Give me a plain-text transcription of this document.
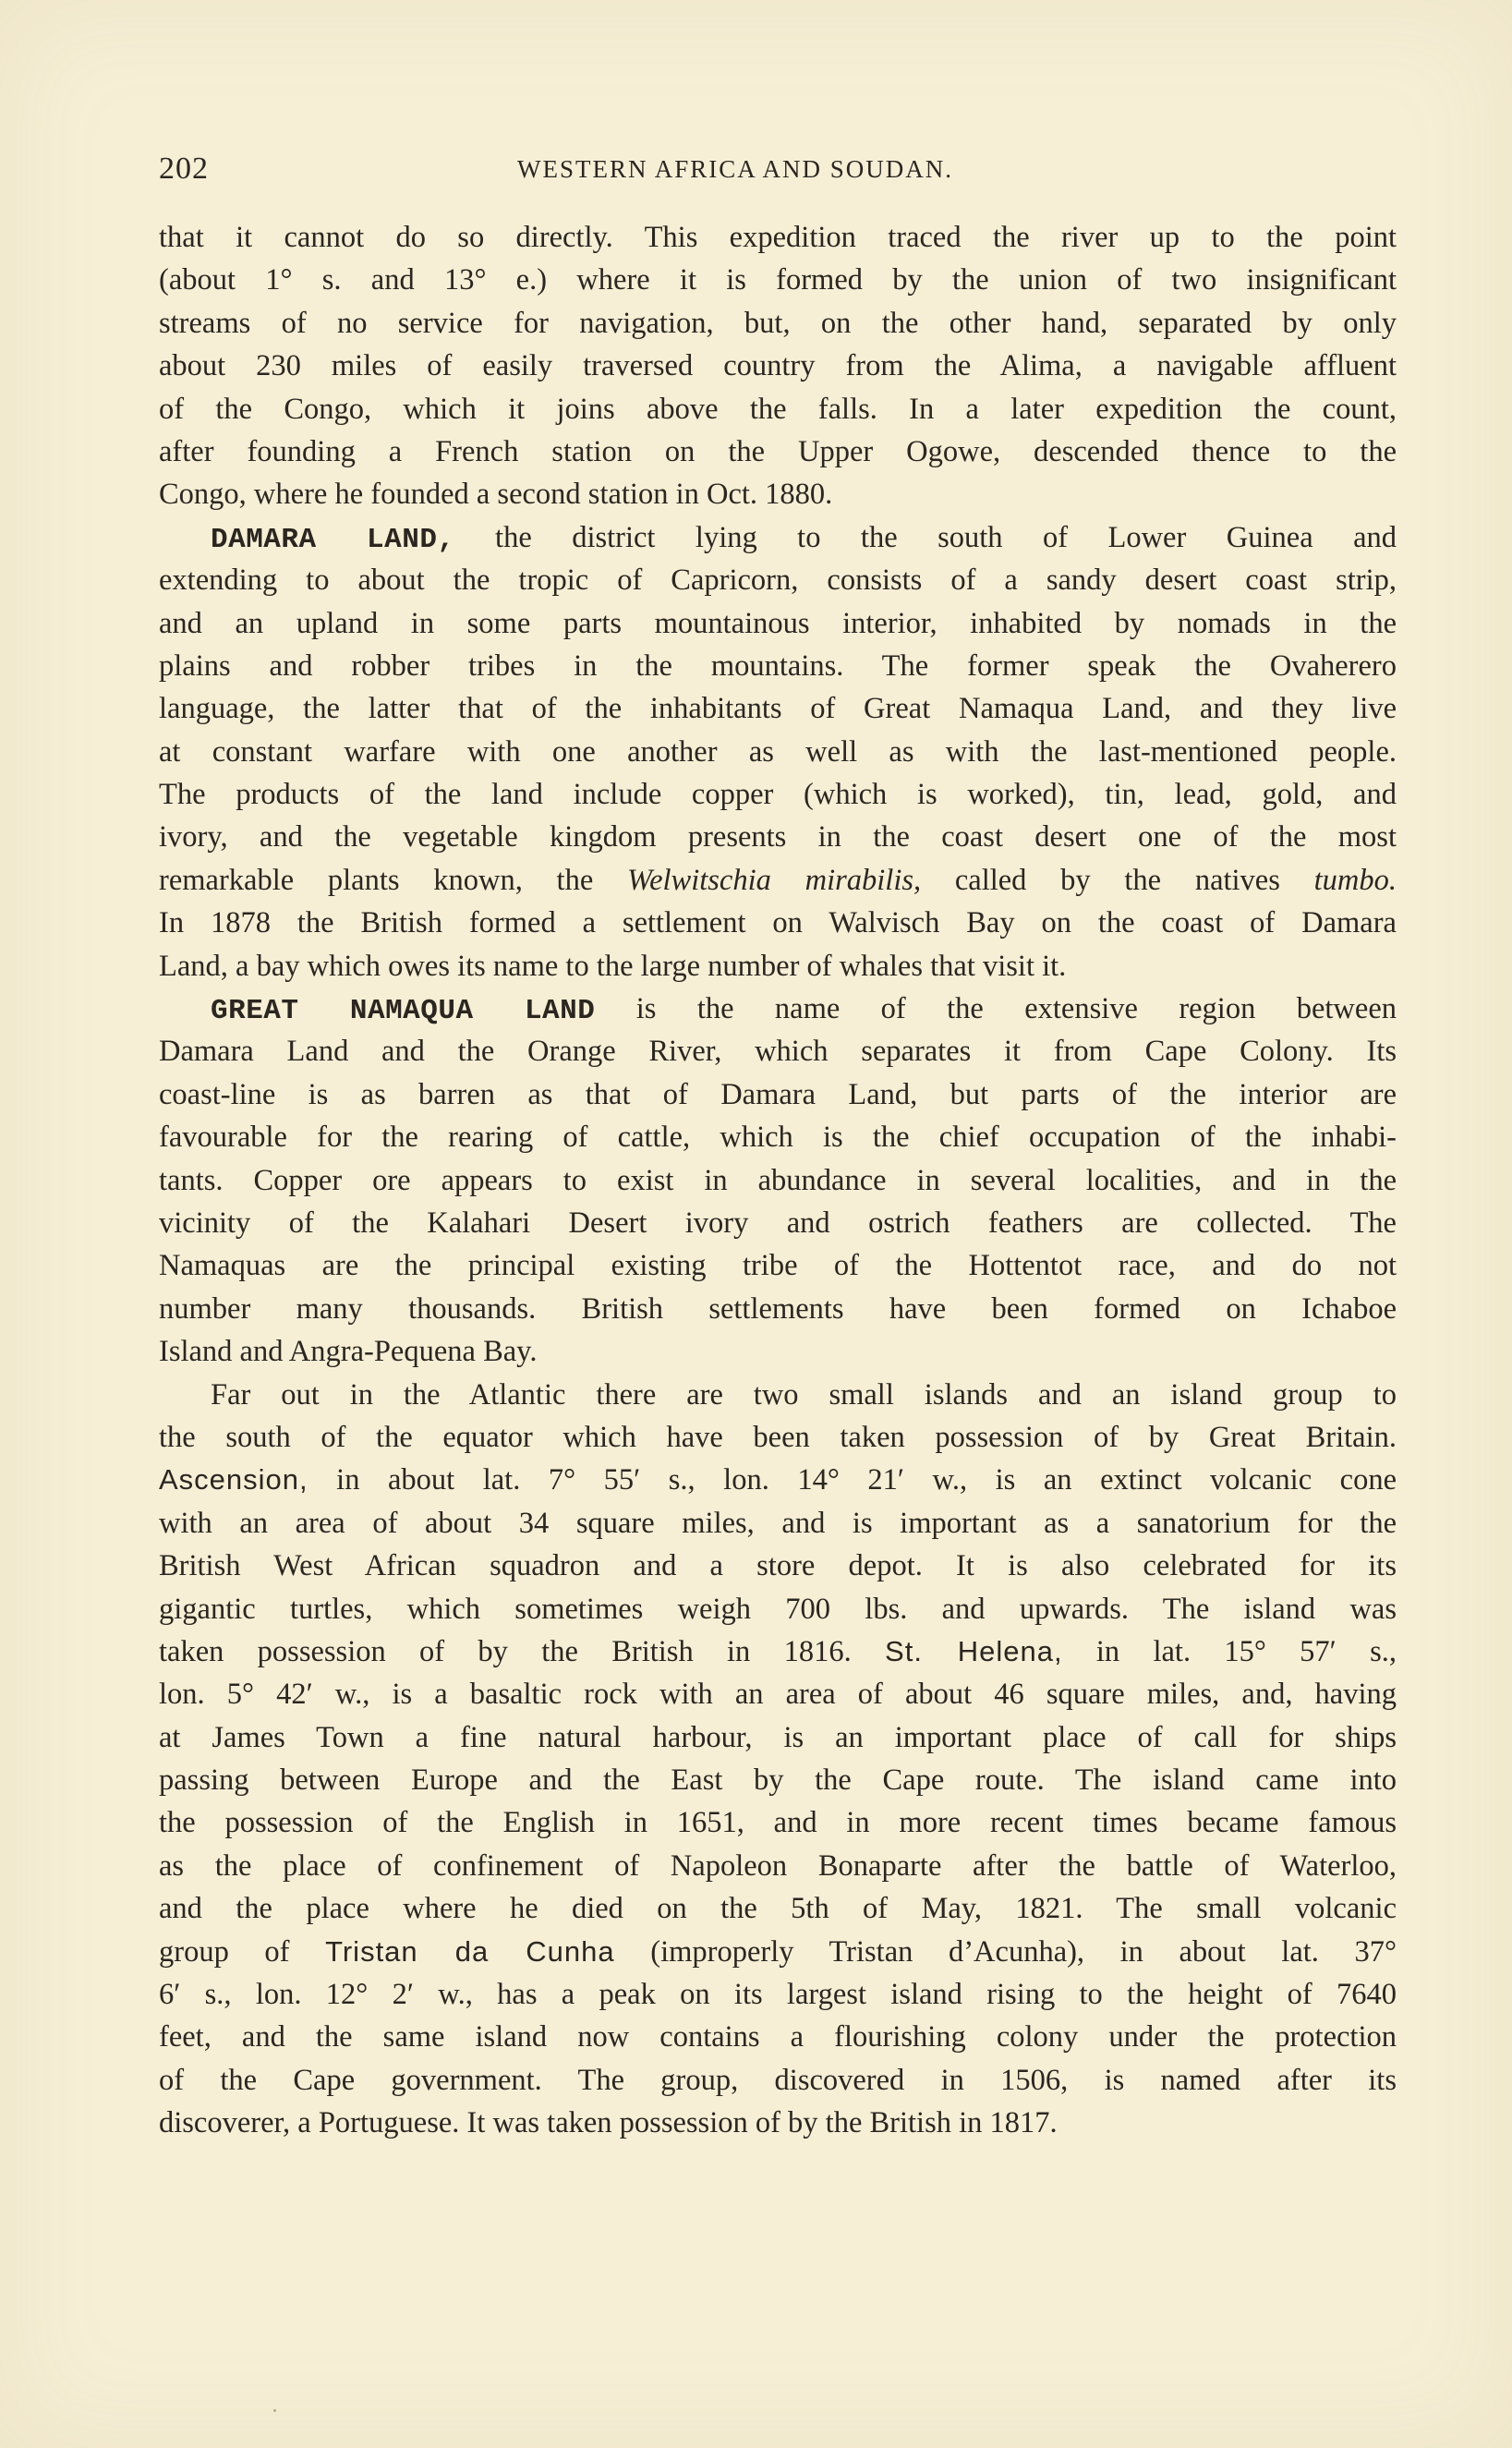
202	WESTERN AFRICA AND SOUDAN.
that it cannot do so directly. This expedition traced the river up to the point
(about 1° s. and 13° e.) where it is formed by the union of two insignificant
streams of no service for navigation, but, on the other hand, separated by only
about 230 miles of easily traversed country from the Alima, a navigable affluent
of the Congo, which it joins above the falls. In a later expedition the count,
after founding a French station on the Upper Ogowe, descended thence to the
Congo, where he founded a second station in Oct. 1880.
DAMARA LAND, the district lying to the south of Lower Guinea and
extending to about the tropic of Capricorn, consists of a sandy desert coast strip,
and an upland in some parts mountainous interior, inhabited by nomads in the
plains and robber tribes in the mountains. The former speak the Ovaherero
language, the latter that of the inhabitants of Great Namaqua Land, and they live
at constant warfare with one another as well as with the last-mentioned people.
The products of the land include copper (which is worked), tin, lead, gold, and
ivory, and the vegetable kingdom presents in the coast desert one of the most
remarkable plants known, the Welwitschia mirabilis, called by the natives tumbo.
In 1878 the British formed a settlement on Walvisch Bay on the coast of Damara
Land, a bay which owes its name to the large number of whales that visit it.
GREAT NAMAQUA LAND is the name of the extensive region between
Damara Land and the Orange River, which separates it from Cape Colony. Its
coast-line is as barren as that of Damara Land, but parts of the interior are
favourable for the rearing of cattle, which is the chief occupation of the inhabi-
tants. Copper ore appears to exist in abundance in several localities, and in the
vicinity of the Kalahari Desert ivory and ostrich feathers are collected. The
Namaquas are the principal existing tribe of the Hottentot race, and do not
number many thousands. British settlements have been formed on Ichaboe
Island and Angra-Pequena Bay.
Far out in the Atlantic there are two small islands and an island group to
the south of the equator which have been taken possession of by Great Britain.
Ascension, in about lat. 7° 55′ s., lon. 14° 21′ w., is an extinct volcanic cone
with an area of about 34 square miles, and is important as a sanatorium for the
British West African squadron and a store depot. It is also celebrated for its
gigantic turtles, which sometimes weigh 700 lbs. and upwards. The island was
taken possession of by the British in 1816. St. Helena, in lat. 15° 57′ s.,
lon. 5° 42′ w., is a basaltic rock with an area of about 46 square miles, and, having
at James Town a fine natural harbour, is an important place of call for ships
passing between Europe and the East by the Cape route. The island came into
the possession of the English in 1651, and in more recent times became famous
as the place of confinement of Napoleon Bonaparte after the battle of Waterloo,
and the place where he died on the 5th of May, 1821. The small volcanic
group of Tristan da Cunha (improperly Tristan d’Acunha), in about lat. 37°
6′ s., lon. 12° 2′ w., has a peak on its largest island rising to the height of 7640
feet, and the same island now contains a flourishing colony under the protection
of the Cape government. The group, discovered in 1506, is named after its
discoverer, a Portuguese. It was taken possession of by the British in 1817.
